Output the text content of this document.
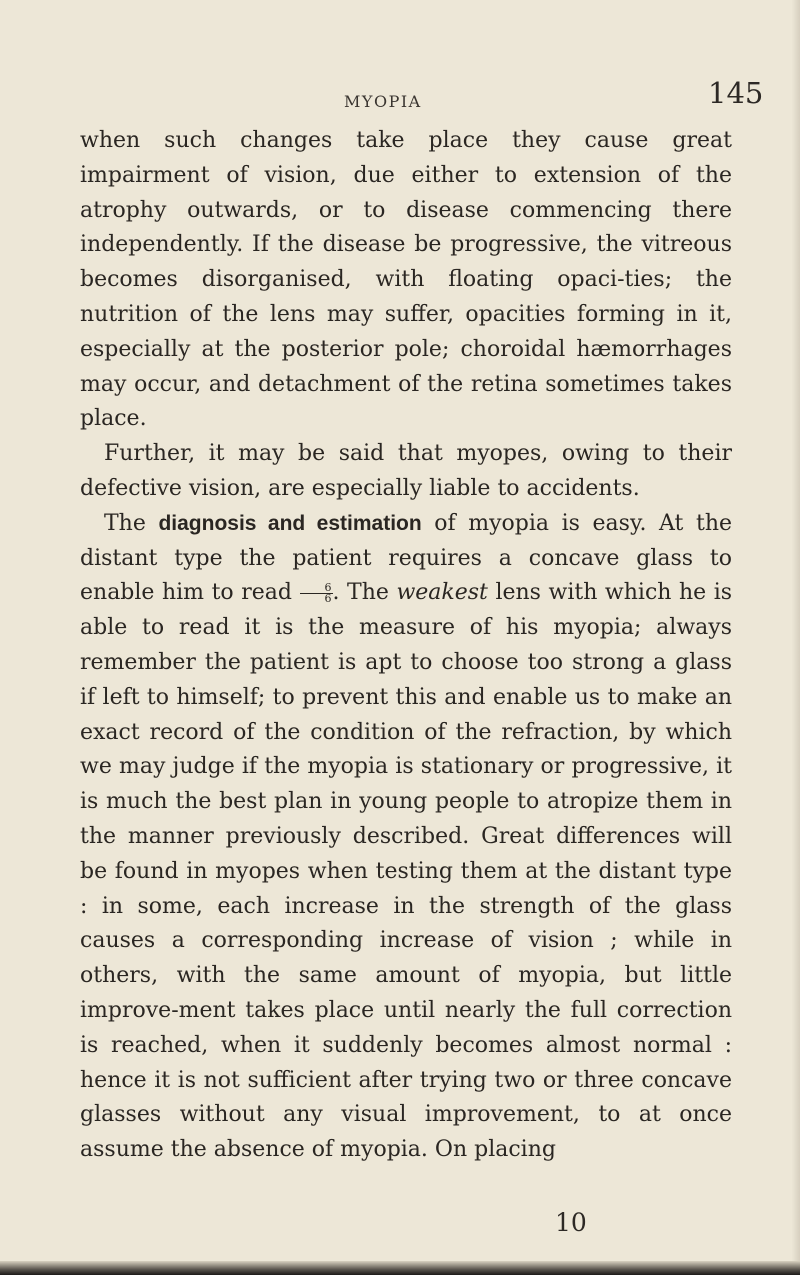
MYOPIA	145

when such changes take place they cause great impairment of vision, due either to extension of the atrophy outwards, or to disease commencing there independently. If the disease be progressive, the vitreous becomes disorganised, with floating opaci-ties; the nutrition of the lens may suffer, opacities forming in it, especially at the posterior pole; choroidal hæmorrhages may occur, and detachment of the retina sometimes takes place.

Further, it may be said that myopes, owing to their defective vision, are especially liable to accidents.

The diagnosis and estimation of myopia is easy. At the distant type the patient requires a concave glass to enable him to read $\frac{6}{6}$ . The weakest lens with which he is able to read it is the measure of his myopia; always remember the patient is apt to choose too strong a glass if left to himself; to prevent this and enable us to make an exact record of the condition of the refraction, by which we may judge if the myopia is stationary or progressive, it is much the best plan in young people to atropize them in the manner previously described. Great differences will be found in myopes when testing them at the distant type : in some, each increase in the strength of the glass causes a corresponding increase of vision ; while in others, with the same amount of myopia, but little improve-ment takes place until nearly the full correction is reached, when it suddenly becomes almost normal : hence it is not sufficient after trying two or three concave glasses without any visual improvement, to at once assume the absence of myopia. On placing

10
